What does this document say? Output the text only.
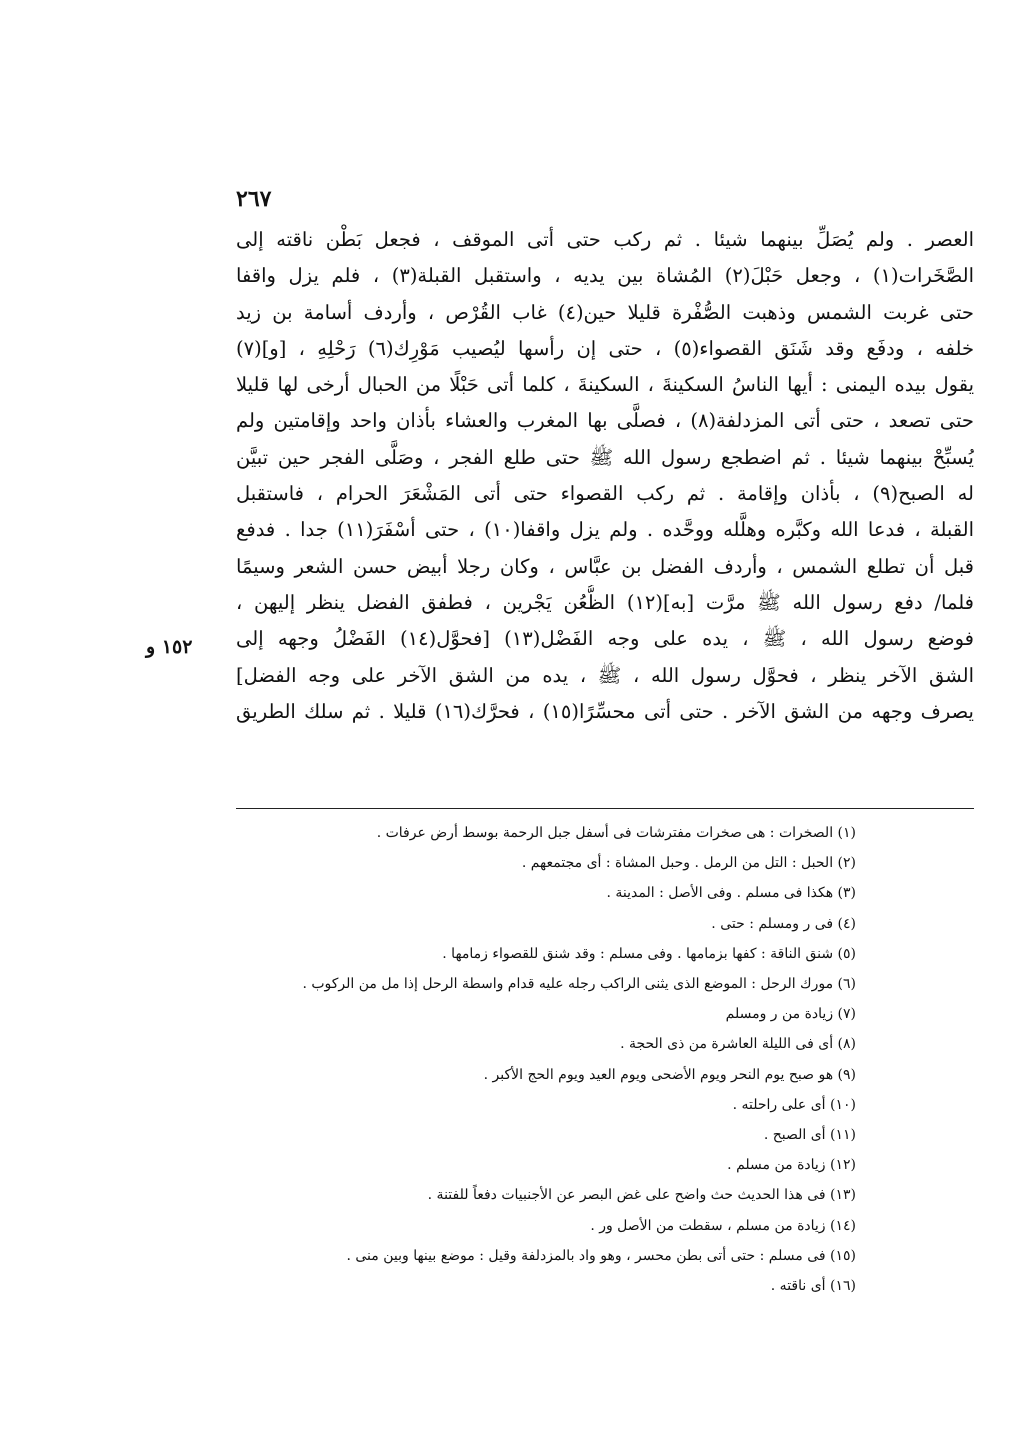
٢٦٧
العصر . ولم يُصَلِّ بينهما شيئا . ثم ركب حتى أتى الموقف ، فجعل بَطْن ناقته إلى
الصَّخَرات(١) ، وجعل حَبْلَ(٢) المُشاة بين يديه ، واستقبل القبلة(٣) ، فلم يزل واقفا
حتى غربت الشمس وذهبت الصُّفْرة قليلا حين(٤) غاب القُرْص ، وأردف أسامة بن زيد
خلفه ، ودفَع وقد شَنَق القصواء(٥) ، حتى إن رأسها ليُصيب مَوْرِك(٦) رَحْلِهِ ، [و](٧)
يقول بيده اليمنى : أيها الناسُ السكينةَ ، السكينةَ ، كلما أتى حَبْلًا من الحبال أرخى لها قليلا
حتى تصعد ، حتى أتى المزدلفة(٨) ، فصلَّى بها المغرب والعشاء بأذان واحد وإقامتين ولم
يُسبِّحْ بينهما شيئا . ثم اضطجع رسول الله ﷺ حتى طلع الفجر ، وصَلَّى الفجر حين تبيَّن
له الصبح(٩) ، بأذان وإقامة . ثم ركب القصواء حتى أتى المَشْعَرَ الحرام ، فاستقبل
القبلة ، فدعا الله وكبَّره وهلَّله ووحَّده . ولم يزل واقفا(١٠) ، حتى أسْفَرَ(١١) جدا . فدفع
قبل أن تطلع الشمس ، وأردف الفضل بن عبَّاس ، وكان رجلا أبيض حسن الشعر وسيمًا
فلما/ دفع رسول الله ﷺ مرَّت [به](١٢) الظُّعُن يَجْرين ، فطفق الفضل ينظر إليهن ،
فوضع رسول الله ، ﷺ ، يده على وجه الفَضْل(١٣) [فحوَّل(١٤) الفَضْلُ وجهه إلى
الشق الآخر ينظر ، فحوَّل رسول الله ، ﷺ ، يده من الشق الآخر على وجه الفضل]
يصرف وجهه من الشق الآخر . حتى أتى محسِّرًا(١٥) ، فحرَّك(١٦) قليلا . ثم سلك الطريق
١٥٢ و
(١) الصخرات : هى صخرات مفترشات فى أسفل جبل الرحمة بوسط أرض عرفات .
(٢) الحبل : التل من الرمل . وحبل المشاة : أى مجتمعهم .
(٣) هكذا فى مسلم . وفى الأصل : المدينة .
(٤) فى ر ومسلم : حتى .
(٥) شنق الناقة : كفها بزمامها . وفى مسلم : وقد شنق للقصواء زمامها .
(٦) مورك الرحل : الموضع الذى يثنى الراكب رجله عليه قدام واسطة الرحل إذا مل من الركوب .
(٧) زيادة من ر ومسلم
(٨) أى فى الليلة العاشرة من ذى الحجة .
(٩) هو صبح يوم النحر ويوم الأضحى ويوم العيد ويوم الحج الأكبر .
(١٠) أى على راحلته .
(١١) أى الصبح .
(١٢) زيادة من مسلم .
(١٣) فى هذا الحديث حث واضح على غض البصر عن الأجنبيات دفعاً للفتنة .
(١٤) زيادة من مسلم ، سقطت من الأصل ور .
(١٥) فى مسلم : حتى أتى بطن محسر ، وهو واد بالمزدلفة وقيل : موضع بينها وبين منى .
(١٦) أى ناقته .
